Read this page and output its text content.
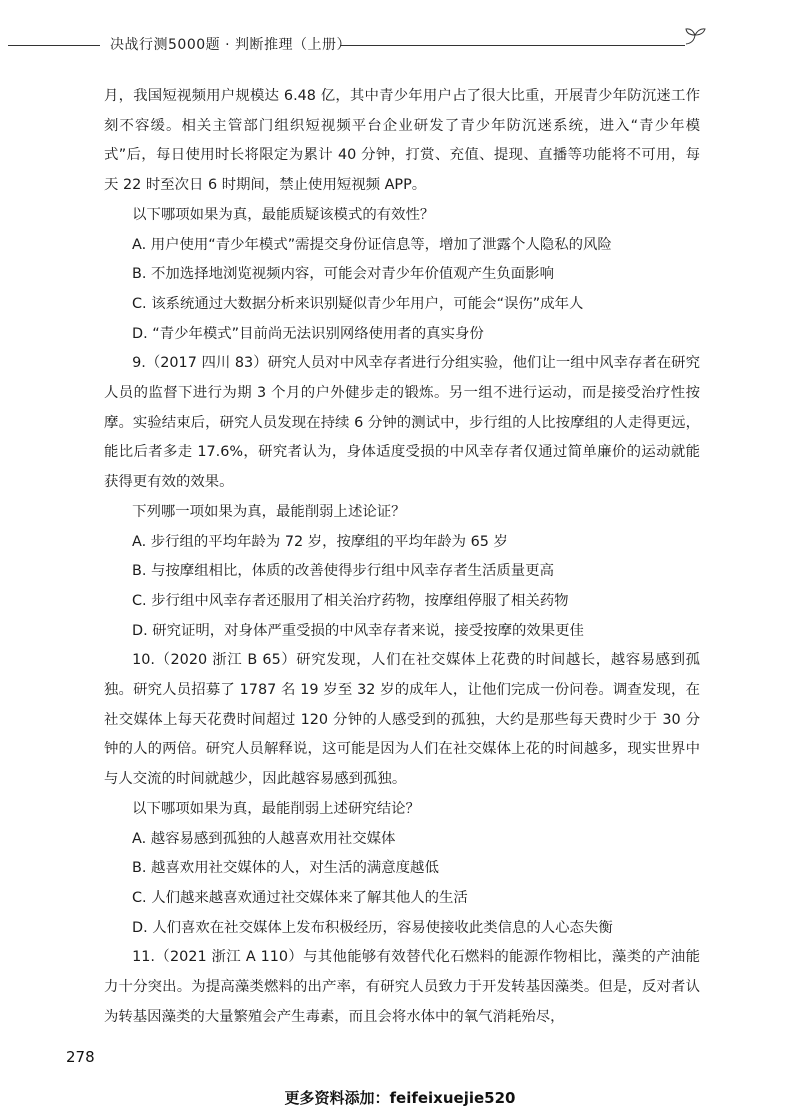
决战行测5000题 · 判断推理（上册）

月，我国短视频用户规模达 6.48 亿，其中青少年用户占了很大比重，开展青少年防沉迷工作刻不容缓。相关主管部门组织短视频平台企业研发了青少年防沉迷系统，进入“青少年模式”后，每日使用时长将限定为累计 40 分钟，打赏、充值、提现、直播等功能将不可用，每天 22 时至次日 6 时期间，禁止使用短视频 APP。

以下哪项如果为真，最能质疑该模式的有效性？

A. 用户使用“青少年模式”需提交身份证信息等，增加了泄露个人隐私的风险

B. 不加选择地浏览视频内容，可能会对青少年价值观产生负面影响

C. 该系统通过大数据分析来识别疑似青少年用户，可能会“误伤”成年人

D. “青少年模式”目前尚无法识别网络使用者的真实身份

9.（2017 四川 83）研究人员对中风幸存者进行分组实验，他们让一组中风幸存者在研究人员的监督下进行为期 3 个月的户外健步走的锻炼。另一组不进行运动，而是接受治疗性按摩。实验结束后，研究人员发现在持续 6 分钟的测试中，步行组的人比按摩组的人走得更远，能比后者多走 17.6%，研究者认为，身体适度受损的中风幸存者仅通过简单廉价的运动就能获得更有效的效果。

下列哪一项如果为真，最能削弱上述论证？

A. 步行组的平均年龄为 72 岁，按摩组的平均年龄为 65 岁

B. 与按摩组相比，体质的改善使得步行组中风幸存者生活质量更高

C. 步行组中风幸存者还服用了相关治疗药物，按摩组停服了相关药物

D. 研究证明，对身体严重受损的中风幸存者来说，接受按摩的效果更佳

10.（2020 浙江 B 65）研究发现，人们在社交媒体上花费的时间越长，越容易感到孤独。研究人员招募了 1787 名 19 岁至 32 岁的成年人，让他们完成一份问卷。调查发现，在社交媒体上每天花费时间超过 120 分钟的人感受到的孤独，大约是那些每天费时少于 30 分钟的人的两倍。研究人员解释说，这可能是因为人们在社交媒体上花的时间越多，现实世界中与人交流的时间就越少，因此越容易感到孤独。

以下哪项如果为真，最能削弱上述研究结论？

A. 越容易感到孤独的人越喜欢用社交媒体

B. 越喜欢用社交媒体的人，对生活的满意度越低

C. 人们越来越喜欢通过社交媒体来了解其他人的生活

D. 人们喜欢在社交媒体上发布积极经历，容易使接收此类信息的人心态失衡

11.（2021 浙江 A 110）与其他能够有效替代化石燃料的能源作物相比，藻类的产油能力十分突出。为提高藻类燃料的出产率，有研究人员致力于开发转基因藻类。但是，反对者认为转基因藻类的大量繁殖会产生毒素，而且会将水体中的氧气消耗殆尽，

278
更多资料添加：feifeixuejie520
